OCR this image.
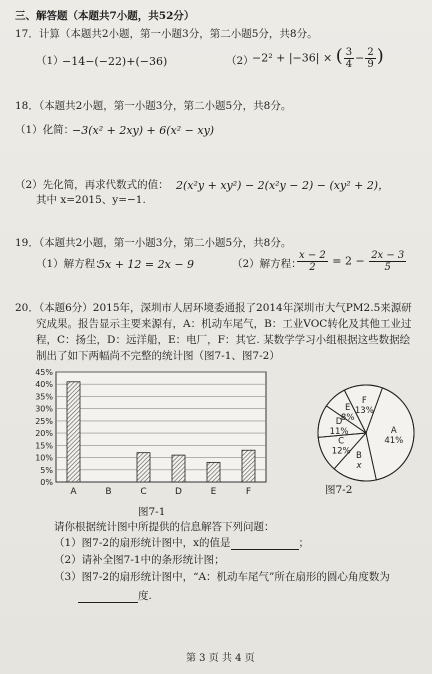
三、解答题（本题共7小题，共52分）
17．计算（本题共2小题，第一小题3分，第二小题5分，共8分。
（1）
−14−(−22)+(−36)	（2）
−2² + |−36| × ( $\frac{3}{4} - \frac{2}{9}$ )
18．（本题共2小题，第一小题3分，第二小题5分，共8分。
（1）化简：
−3(x² + 2xy) + 6(x² − xy)
（2）先化简，再求代数式的值： 2(x²y + xy²) − 2(x²y − 2) − (xy² + 2)，
其中 x=2015、y=−1.
19．（本题共2小题，第一小题3分，第二小题5分，共8分。
（1）解方程：
5x + 12 = 2x − 9	（2）解方程：
$\frac{x - 2}{2} = 2 - \frac{2x - 3}{5}$
20．（本题6分）2015年，深圳市人居环境委通报了2014年深圳市大气PM2.5来源研
究成果。报告显示主要来源有，A：机动车尾气，B：工业VOC转化及其他工业过
程，C：扬尘，D：远洋船，E：电厂，F：其它. 某数学学习小组根据这些数据绘
制出了如下两幅尚不完整的统计图（图7-1、图7-2）
0%
5%
10%
15%
20%
25%
30%
35%
40%
45%
A	B	C	D	E	F
图7-1
A
41%
B
x
C
12%
D
11%
E
8%
F
13%
图7-2
请你根据统计图中所提供的信息解答下列问题：
（1）图7-2的扇形统计图中，x的值是	；
（2）请补全图7-1中的条形统计图；
（3）图7-2的扇形统计图中，“A：机动车尾气”所在扇形的圆心角度数为
度.
第 3 页 共 4 页
